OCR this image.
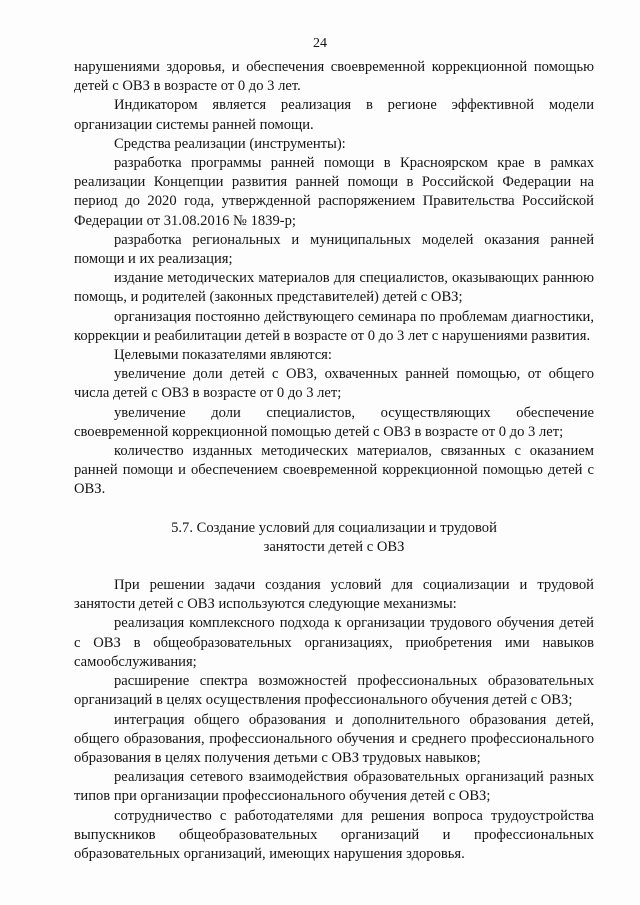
24

нарушениями здоровья, и обеспечения своевременной коррекционной помощью детей с ОВЗ в возрасте от 0 до 3 лет.

Индикатором является реализация в регионе эффективной модели организации системы ранней помощи.

Средства реализации (инструменты):

разработка программы ранней помощи в Красноярском крае в рамках реализации Концепции развития ранней помощи в Российской Федерации на период до 2020 года, утвержденной распоряжением Правительства Российской Федерации от 31.08.2016 № 1839-р;

разработка региональных и муниципальных моделей оказания ранней помощи и их реализация;

издание методических материалов для специалистов, оказывающих раннюю помощь, и родителей (законных представителей) детей с ОВЗ;

организация постоянно действующего семинара по проблемам диагностики, коррекции и реабилитации детей в возрасте от 0 до 3 лет с нарушениями развития.

Целевыми показателями являются:

увеличение доли детей с ОВЗ, охваченных ранней помощью, от общего числа детей с ОВЗ в возрасте от 0 до 3 лет;

увеличение доли специалистов, осуществляющих обеспечение своевременной коррекционной помощью детей с ОВЗ в возрасте от 0 до 3 лет;

количество изданных методических материалов, связанных с оказанием ранней помощи и обеспечением своевременной коррекционной помощью детей с ОВЗ.

5.7. Создание условий для социализации и трудовой
занятости детей с ОВЗ

При решении задачи создания условий для социализации и трудовой занятости детей с ОВЗ используются следующие механизмы:

реализация комплексного подхода к организации трудового обучения детей с ОВЗ в общеобразовательных организациях, приобретения ими навыков самообслуживания;

расширение спектра возможностей профессиональных образовательных организаций в целях осуществления профессионального обучения детей с ОВЗ;

интеграция общего образования и дополнительного образования детей, общего образования, профессионального обучения и среднего профессионального образования в целях получения детьми с ОВЗ трудовых навыков;

реализация сетевого взаимодействия образовательных организаций разных типов при организации профессионального обучения детей с ОВЗ;

сотрудничество с работодателями для решения вопроса трудоустройства выпускников общеобразовательных организаций и профессиональных образовательных организаций, имеющих нарушения здоровья.
